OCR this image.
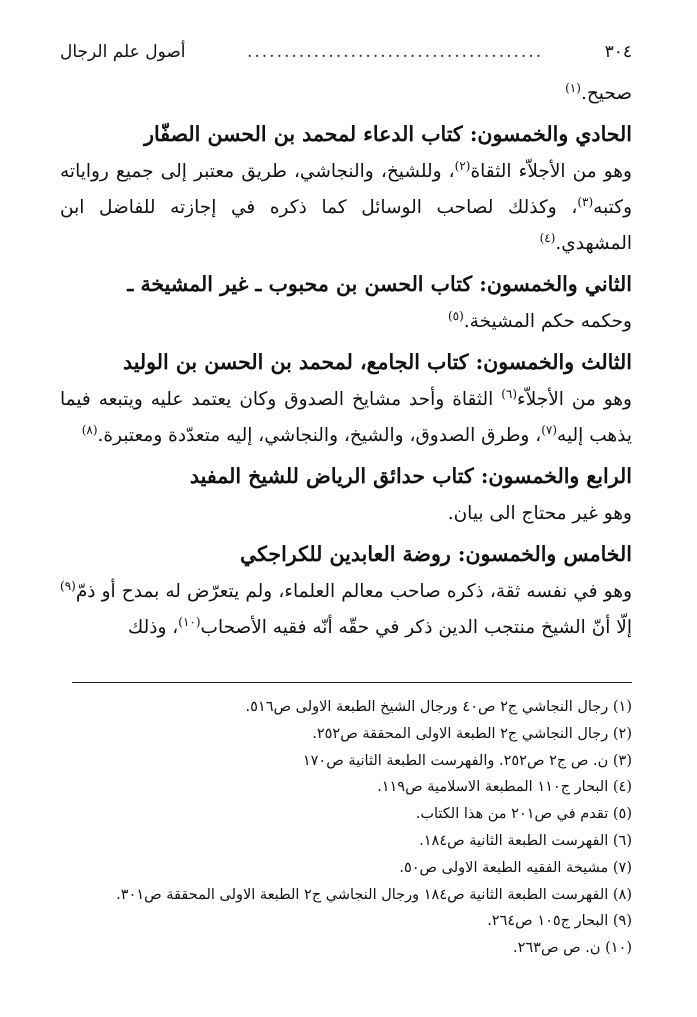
٣٠٤
........................................
أصول علم الرجال

صحيح.$^{(١)}$

الحادي والخمسون: كتاب الدعاء لمحمد بن الحسن الصفّار

وهو من الأجلاّء الثقاة$^{(٢)}$، وللشيخ، والنجاشي، طريق معتبر إلى جميع رواياته وكتبه$^{(٣)}$، وكذلك لصاحب الوسائل كما ذكره في إجازته للفاضل ابن المشهدي.$^{(٤)}$

الثاني والخمسون: كتاب الحسن بن محبوب ـ غير المشيخة ـ

وحكمه حكم المشيخة.$^{(٥)}$

الثالث والخمسون: كتاب الجامع، لمحمد بن الحسن بن الوليد

وهو من الأجلاّء$^{(٦)}$ الثقاة وأحد مشايخ الصدوق وكان يعتمد عليه ويتبعه فيما يذهب إليه$^{(٧)}$، وطرق الصدوق، والشيخ، والنجاشي، إليه متعدّدة ومعتبرة.$^{(٨)}$

الرابع والخمسون: كتاب حدائق الرياض للشيخ المفيد

وهو غير محتاج الى بيان.

الخامس والخمسون: روضة العابدين للكراجكي

وهو في نفسه ثقة، ذكره صاحب معالم العلماء، ولم يتعرّض له بمدح أو ذمّ$^{(٩)}$ إلّا أنّ الشيخ منتجب الدين ذكر في حقّه أنّه فقيه الأصحاب$^{(١٠)}$، وذلك

(١) رجال النجاشي ج٢ ص٤٠ ورجال الشيخ الطبعة الاولى ص٥١٦.
(٢) رجال النجاشي ج٢ الطبعة الاولى المحققة ص٢٥٢.
(٣) ن. ص ج٢ ص٢٥٢. والفهرست الطبعة الثانية ص١٧٠
(٤) البحار ج١١٠ المطبعة الاسلامية ص١١٩.
(٥) تقدم في ص٢٠١ من هذا الكتاب.
(٦) الفهرست الطبعة الثانية ص١٨٤.
(٧) مشيخة الفقيه الطبعة الاولى ص٥٠.
(٨) الفهرست الطبعة الثانية ص١٨٤ ورجال النجاشي ج٢ الطبعة الاولى المحققة ص٣٠١.
(٩) البحار ج١٠٥ ص٢٦٤.
(١٠) ن. ص ص٢٦٣.
